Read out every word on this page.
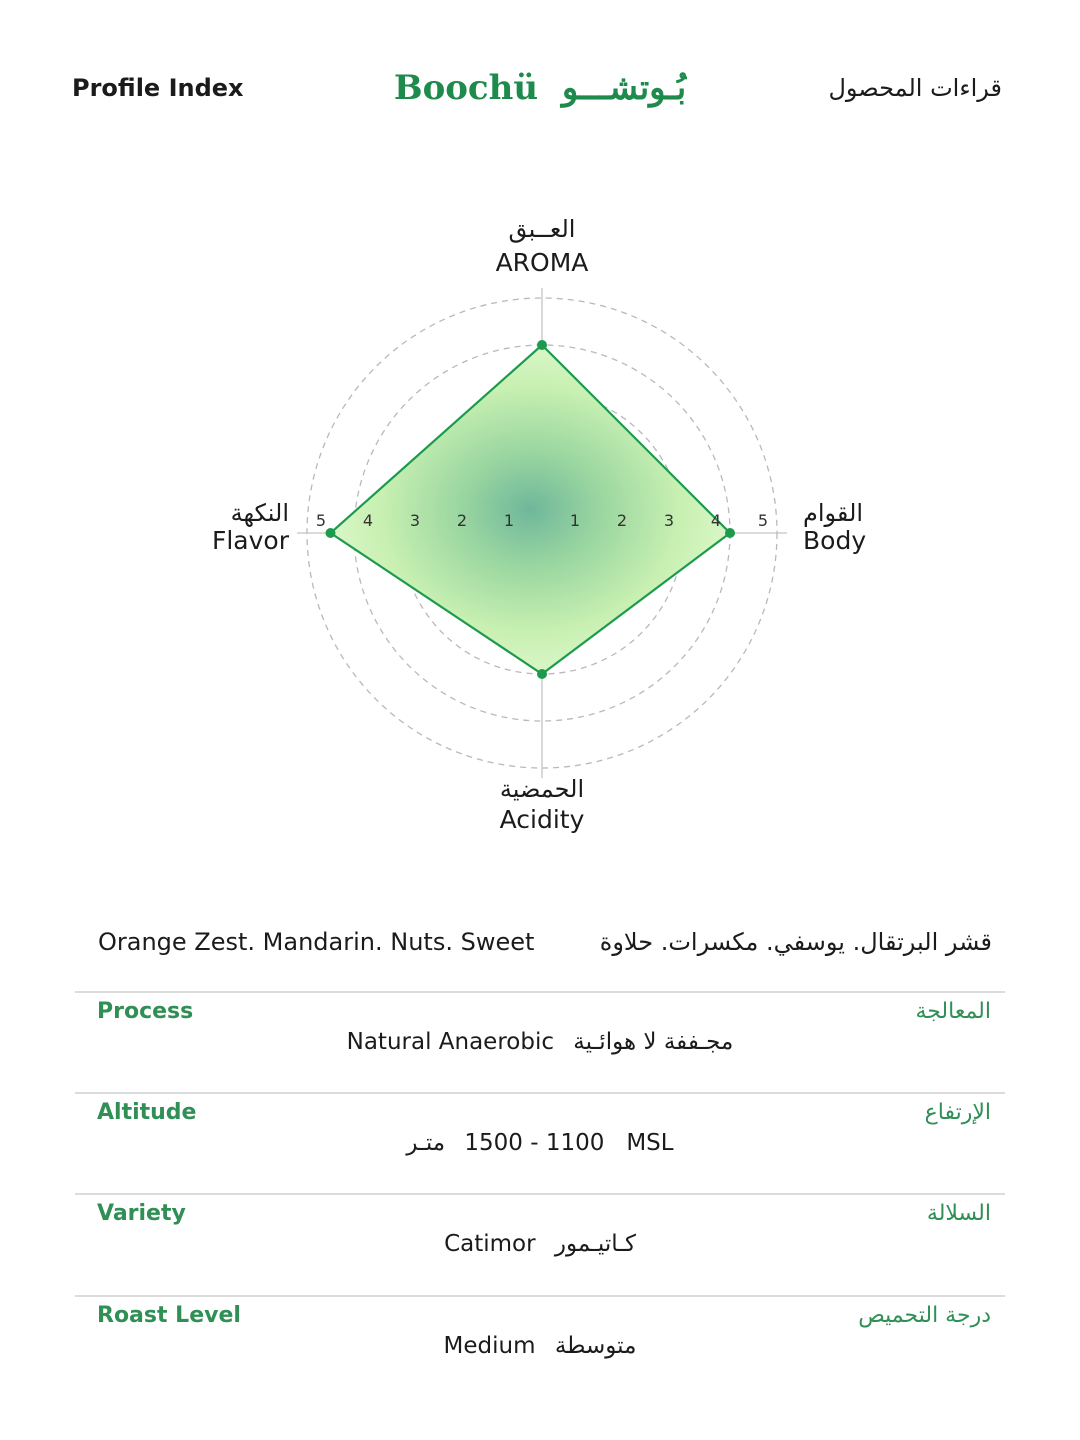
Profile Index	Boochü بُـوتشـــو	قراءات المحصول
1
1	2
2	3
3	4
4	5
5
العــبق
AROMA
القوام
Body
الحمضية
Acidity
النكهة
Flavor
Orange Zest. Mandarin. Nuts. Sweet	قشر البرتقال. يوسفي. مكسرات. حلاوة
Process	المعالجة
Natural Anaerobic مجـففة لا هوائـية
Altitude	الإرتفاع
متـر 1500 - 1100   MSL
Variety	السلالة
Catimor كـاتيـمور
Roast Level	درجة التحميص
Medium متوسطة
